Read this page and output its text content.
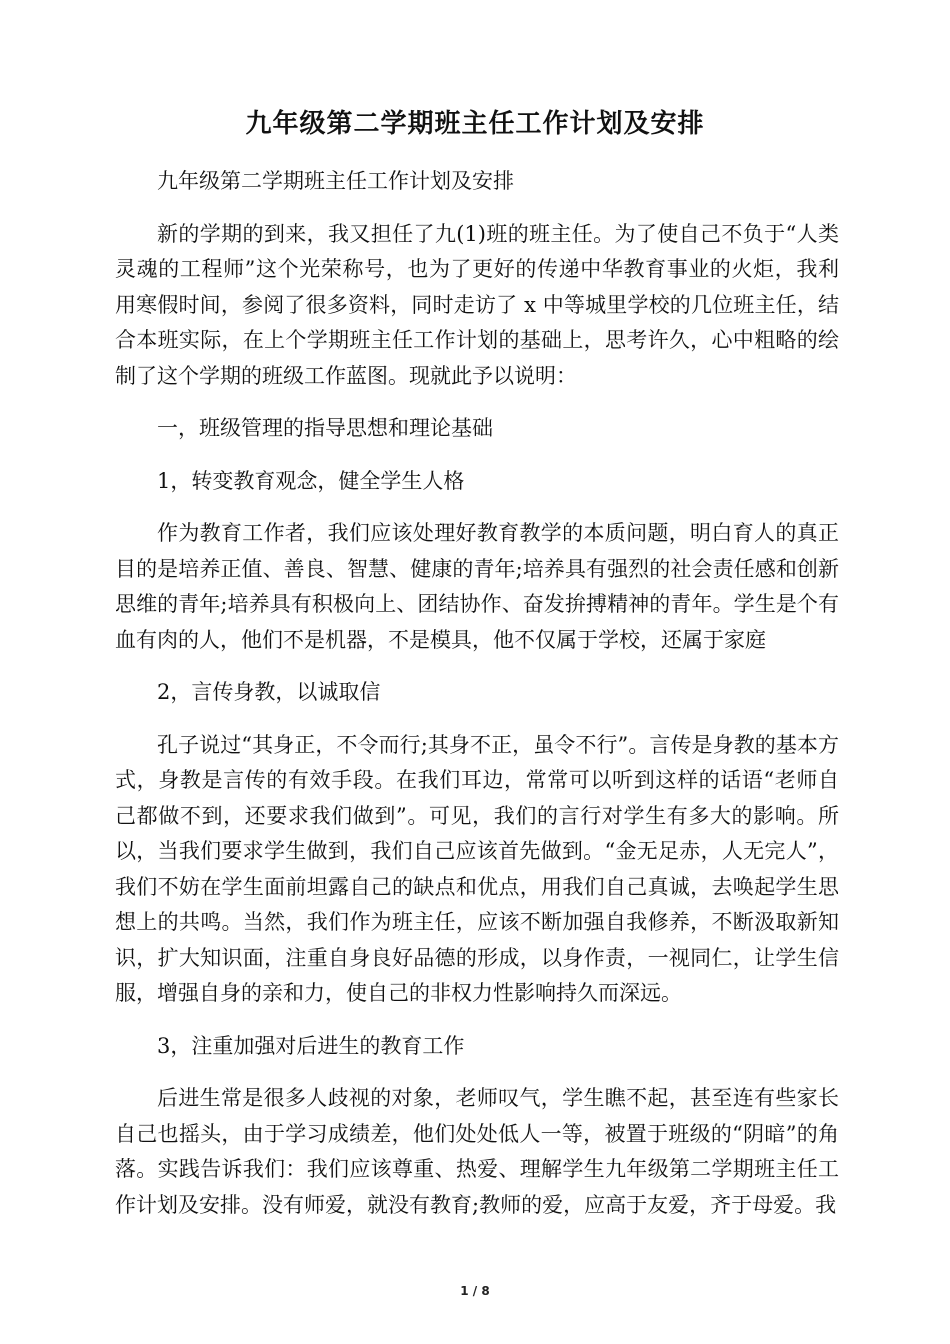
九年级第二学期班主任工作计划及安排

九年级第二学期班主任工作计划及安排

新的学期的到来，我又担任了九(1)班的班主任。为了使自己不负于“人类灵魂的工程师”这个光荣称号，也为了更好的传递中华教育事业的火炬，我利用寒假时间，参阅了很多资料，同时走访了 x 中等城里学校的几位班主任，结合本班实际，在上个学期班主任工作计划的基础上，思考许久，心中粗略的绘制了这个学期的班级工作蓝图。现就此予以说明：

一，班级管理的指导思想和理论基础

1，转变教育观念，健全学生人格

作为教育工作者，我们应该处理好教育教学的本质问题，明白育人的真正目的是培养正值、善良、智慧、健康的青年;培养具有强烈的社会责任感和创新思维的青年;培养具有积极向上、团结协作、奋发拚搏精神的青年。学生是个有血有肉的人，他们不是机器，不是模具，他不仅属于学校，还属于家庭

2，言传身教，以诚取信

孔子说过“其身正，不令而行;其身不正，虽令不行”。言传是身教的基本方式，身教是言传的有效手段。在我们耳边，常常可以听到这样的话语“老师自己都做不到，还要求我们做到”。可见，我们的言行对学生有多大的影响。所以，当我们要求学生做到，我们自己应该首先做到。“金无足赤，人无完人”，我们不妨在学生面前坦露自己的缺点和优点，用我们自己真诚，去唤起学生思想上的共鸣。当然，我们作为班主任，应该不断加强自我修养，不断汲取新知识，扩大知识面，注重自身良好品德的形成，以身作责，一视同仁，让学生信服，增强自身的亲和力，使自己的非权力性影响持久而深远。

3，注重加强对后进生的教育工作

后进生常是很多人歧视的对象，老师叹气，学生瞧不起，甚至连有些家长自己也摇头，由于学习成绩差，他们处处低人一等，被置于班级的“阴暗”的角落。实践告诉我们：我们应该尊重、热爱、理解学生九年级第二学期班主任工作计划及安排。没有师爱，就没有教育;教师的爱，应高于友爱，齐于母爱。我

1 / 8
